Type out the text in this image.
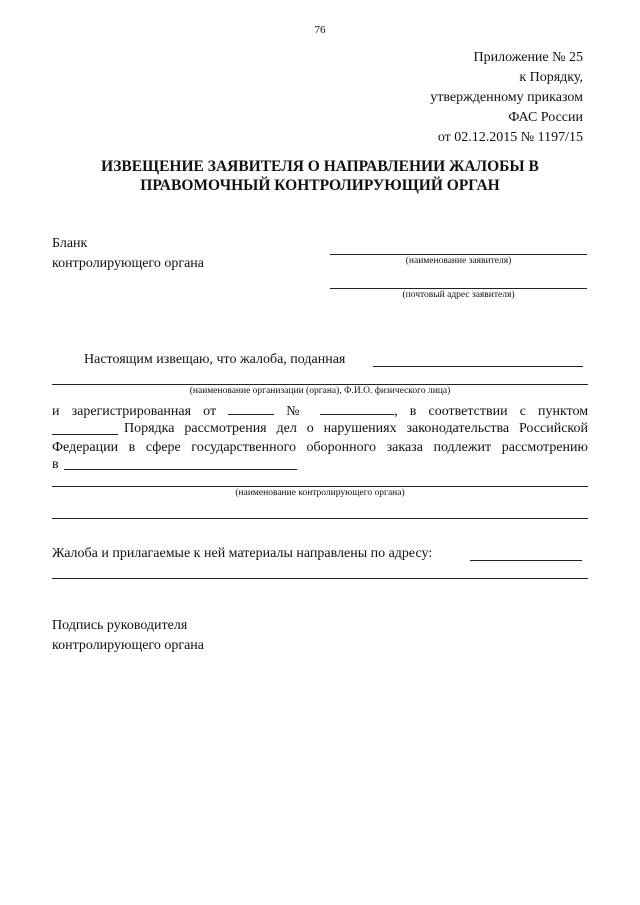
76
Приложение № 25
к Порядку,
утвержденному приказом
ФАС России
от 02.12.2015 № 1197/15
ИЗВЕЩЕНИЕ ЗАЯВИТЕЛЯ О НАПРАВЛЕНИИ ЖАЛОБЫ В
ПРАВОМОЧНЫЙ КОНТРОЛИРУЮЩИЙ ОРГАН
Бланк
контролирующего органа	(наименование заявителя)
(почтовый адрес заявителя)
Настоящим извещаю, что жалоба, поданная
(наименование организации (органа), Ф.И.О. физического лица)
и зарегистрированная от	№	, в соответствии с пунктом
Порядка рассмотрения дел о нарушениях законодательства Российской
Федерации в сфере государственного оборонного заказа подлежит рассмотрению
в
(наименование контролирующего органа)
Жалоба и прилагаемые к ней материалы направлены по адресу:
Подпись руководителя
контролирующего органа
